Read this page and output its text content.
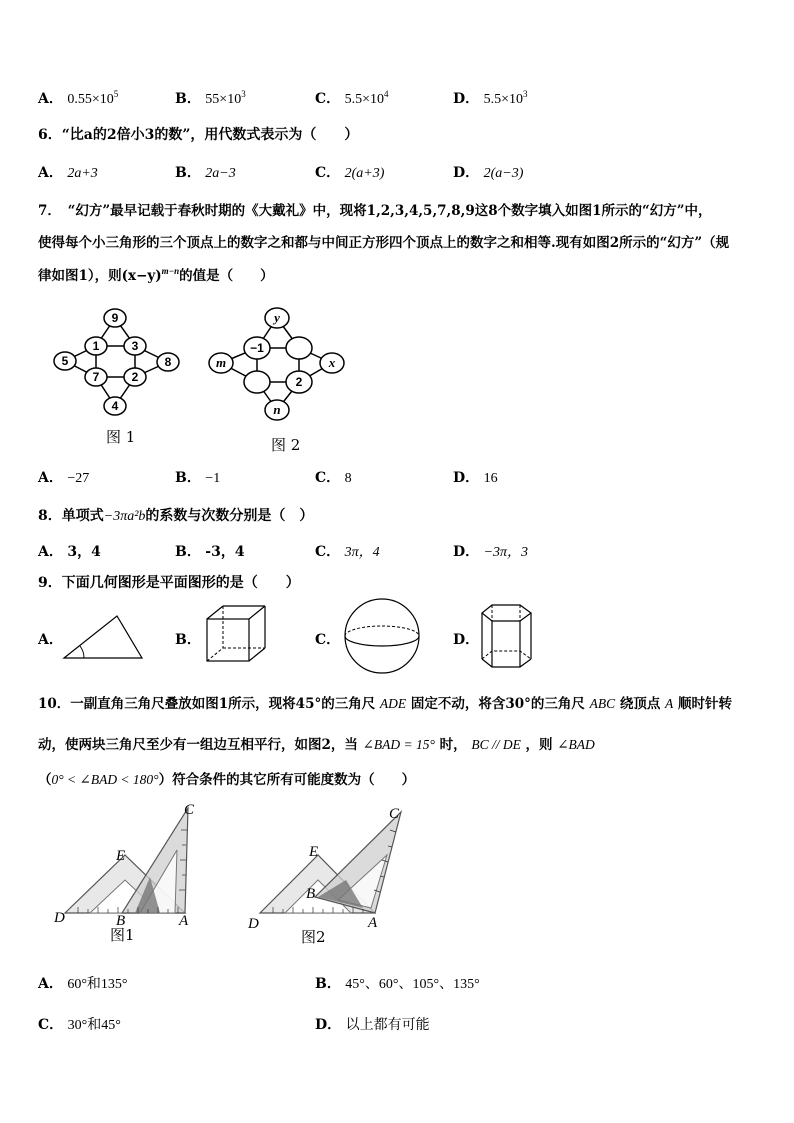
A． $0.55\times 10^5$	B． $55\times 10^3$	C． $5.5\times 10^4$	D． $5.5\times 10^3$
6．“比a的2倍小3的数”，用代数式表示为（　　）
A． 2a+3	B． 2a−3	C． 2(a+3)	D． 2(a−3)
7．　“幻方”最早记载于春秋时期的《大戴礼》中，现将1,2,3,4,5,7,8,9这8个数字填入如图1所示的“幻方”中，
使得每个小三角形的三个顶点上的数字之和都与中间正方形四个顶点上的数字之和相等.现有如图2所示的“幻方”（规
律如图1），则$(x-y)^{m-n}$的值是（　　）
9
1	3
5	8
7	2
4
图 1
y
−1
m	x
2
n
图 2
A． −27	B． −1	C． 8	D． 16
8．单项式−3πa²b的系数与次数分别是（　）
A． 3，4	B． -3，4	C． 3π，4	D． −3π，3
9．下面几何图形是平面图形的是（　　）
A．	B．	C．	D．
10．一副直角三角尺叠放如图1所示，现将45°的三角尺 ADE 固定不动，将含30°的三角尺 ABC 绕顶点 A 顺时针转
动，使两块三角尺至少有一组边互相平行，如图2，当 ∠BAD = 15° 时， BC // DE ，则 ∠BAD
（0° < ∠BAD < 180°）符合条件的其它所有可能度数为（　　）
D
E
C
B	A
图1
D
E
C
B
A
图2
A． 60°和135°	B． 45°、60°、105°、135°
C． 30°和45°	D． 以上都有可能
